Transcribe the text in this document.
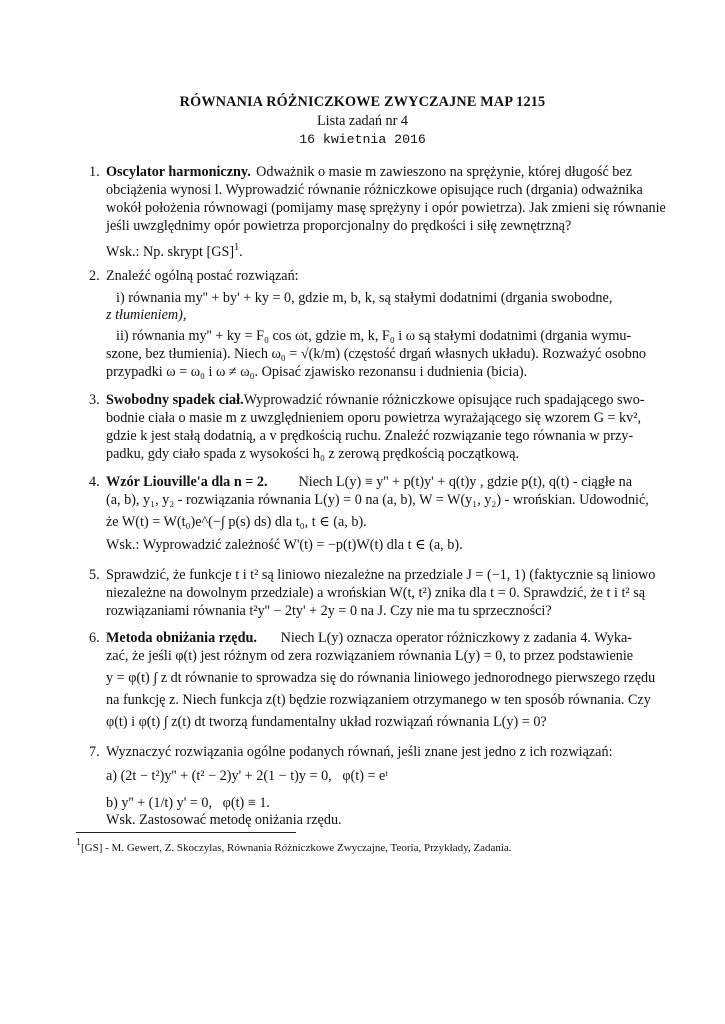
RÓWNANIA RÓŻNICZKOWE ZWYCZAJNE MAP 1215
Lista zadań nr 4
16 kwietnia 2016
1. Oscylator harmoniczny. Odważnik o masie m zawieszono na sprężynie, której długość bez
obciążenia wynosi l. Wyprowadzić równanie różniczkowe opisujące ruch (drgania) odważnika
wokół położenia równowagi (pomijamy masę sprężyny i opór powietrza). Jak zmieni się równanie
jeśli uwzględnimy opór powietrza proporcjonalny do prędkości i siłę zewnętrzną?
Wsk.: Np. skrypt [GS]$^1$.
2. Znaleźć ogólną postać rozwiązań:
i) równania my'' + by' + ky = 0, gdzie m, b, k, są stałymi dodatnimi (drgania swobodne,
z tłumieniem),
ii) równania my'' + ky = F₀ cos ωt, gdzie m, k, F₀ i ω są stałymi dodatnimi (drgania wymu-
szone, bez tłumienia). Niech ω₀ = √(k/m) (częstość drgań własnych układu). Rozważyć osobno
przypadki ω = ω₀ i ω ≠ ω₀. Opisać zjawisko rezonansu i dudnienia (bicia).
3. Swobodny spadek ciał. Wyprowadzić równanie różniczkowe opisujące ruch spadającego swo-
bodnie ciała o masie m z uwzględnieniem oporu powietrza wyrażającego się wzorem G = kv²,
gdzie k jest stałą dodatnią, a v prędkością ruchu. Znaleźć rozwiązanie tego równania w przy-
padku, gdy ciało spada z wysokości h₀ z zerową prędkością początkową.
4. Wzór Liouville'a dla n = 2. Niech L(y) ≡ y'' + p(t)y' + q(t)y , gdzie p(t), q(t) - ciągłe na
(a, b), y₁, y₂ - rozwiązania równania L(y) = 0 na (a, b), W = W(y₁, y₂) - wrońskian. Udowodnić,
że W(t) = W(t₀)e^(−∫ p(s) ds) dla t₀, t ∈ (a, b).
Wsk.: Wyprowadzić zależność W'(t) = −p(t)W(t) dla t ∈ (a, b).
5. Sprawdzić, że funkcje t i t² są liniowo niezależne na przedziale J = (−1, 1) (faktycznie są liniowo
niezależne na dowolnym przedziale) a wrońskian W(t, t²) znika dla t = 0. Sprawdzić, że t i t² są
rozwiązaniami równania t²y'' − 2ty' + 2y = 0 na J. Czy nie ma tu sprzeczności?
6. Metoda obniżania rzędu. Niech L(y) oznacza operator różniczkowy z zadania 4. Wyka-
zać, że jeśli φ(t) jest różnym od zera rozwiązaniem równania L(y) = 0, to przez podstawienie
y = φ(t) ∫ z dt równanie to sprowadza się do równania liniowego jednorodnego pierwszego rzędu
na funkcję z. Niech funkcja z(t) będzie rozwiązaniem otrzymanego w ten sposób równania. Czy
φ(t) i φ(t) ∫ z(t) dt tworzą fundamentalny układ rozwiązań równania L(y) = 0?
7. Wyznaczyć rozwiązania ogólne podanych równań, jeśli znane jest jedno z ich rozwiązań:
a) (2t − t²)y'' + (t² − 2)y' + 2(1 − t)y = 0,   φ(t) = eᵗ
b) y'' + (1/t) y' = 0,   φ(t) ≡ 1.
Wsk. Zastosować metodę oniżania rzędu.
1[GS] - M. Gewert, Z. Skoczylas, Równania Różniczkowe Zwyczajne, Teoria, Przykłady, Zadania.
